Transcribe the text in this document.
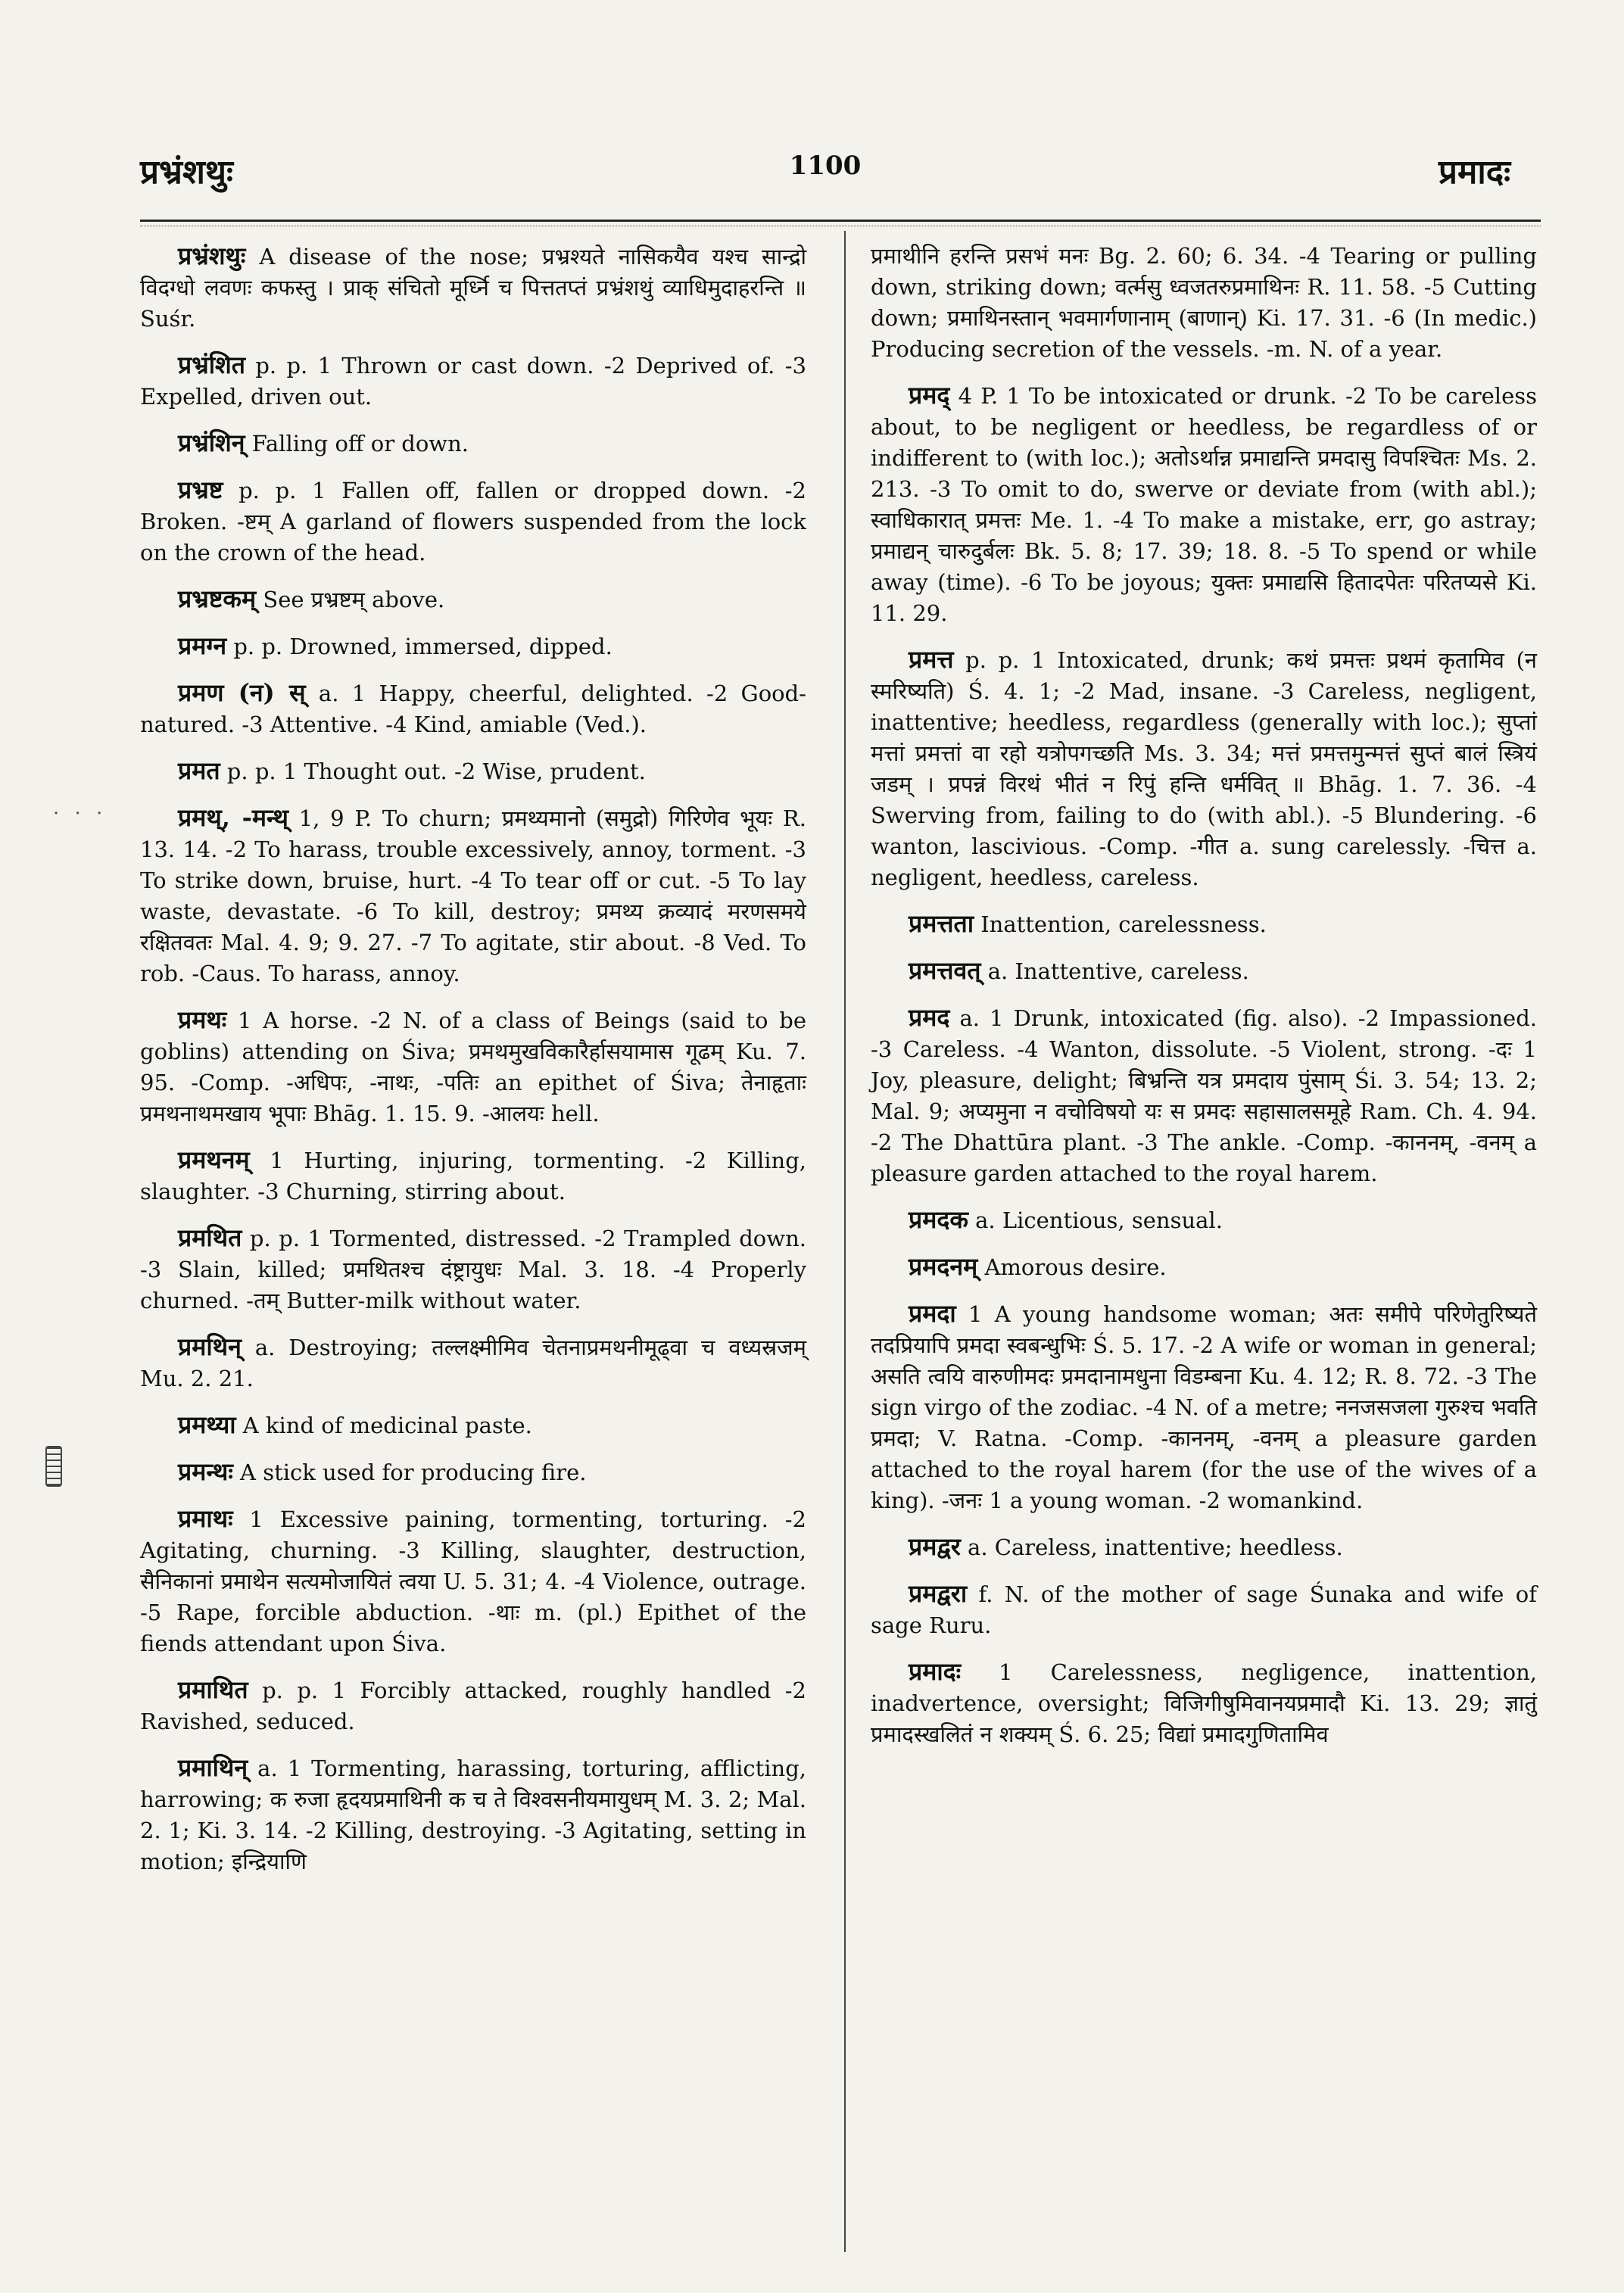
प्रभ्रंशथुः	1100	प्रमादः
· · ·
प्रभ्रंशथुः A disease of the nose; प्रभ्रश्यते नासिकयैव यश्च सान्द्रो विदग्धो लवणः कफस्तु । प्राक् संचितो मूर्ध्नि च पित्ततप्तं प्रभ्रंशथुं व्याधिमुदाहरन्ति ॥ Suśr.
प्रभ्रंशित p. p. 1 Thrown or cast down. -2 Deprived of. -3 Expelled, driven out.
प्रभ्रंशिन् Falling off or down.
प्रभ्रष्ट p. p. 1 Fallen off, fallen or dropped down. -2 Broken. -ष्टम् A garland of flowers suspended from the lock on the crown of the head.
प्रभ्रष्टकम् See प्रभ्रष्टम् above.
प्रमग्न p. p. Drowned, immersed, dipped.
प्रमण (न) स् a. 1 Happy, cheerful, delighted. -2 Good-natured. -3 Attentive. -4 Kind, amiable (Ved.).
प्रमत p. p. 1 Thought out. -2 Wise, prudent.
प्रमथ्, -मन्थ् 1, 9 P. To churn; प्रमथ्यमानो (समुद्रो) गिरिणेव भूयः R. 13. 14. -2 To harass, trouble excessively, annoy, torment. -3 To strike down, bruise, hurt. -4 To tear off or cut. -5 To lay waste, devastate. -6 To kill, destroy; प्रमथ्य क्रव्यादं मरणसमये रक्षितवतः Mal. 4. 9; 9. 27. -7 To agitate, stir about. -8 Ved. To rob. -Caus. To harass, annoy.
प्रमथः 1 A horse. -2 N. of a class of Beings (said to be goblins) attending on Śiva; प्रमथमुखविकारैर्हासयामास गूढम् Ku. 7. 95. -Comp. -अधिपः, -नाथः, -पतिः an epithet of Śiva; तेनाहृताः प्रमथनाथमखाय भूपाः Bhāg. 1. 15. 9. -आलयः hell.
प्रमथनम् 1 Hurting, injuring, tormenting. -2 Killing, slaughter. -3 Churning, stirring about.
प्रमथित p. p. 1 Tormented, distressed. -2 Trampled down. -3 Slain, killed; प्रमथितश्च दंष्ट्रायुधः Mal. 3. 18. -4 Properly churned. -तम् Butter-milk without water.
प्रमथिन् a. Destroying; तल्लक्ष्मीमिव चेतनाप्रमथनीमूढ्वा च वध्यस्रजम् Mu. 2. 21.
प्रमथ्या A kind of medicinal paste.
प्रमन्थः A stick used for producing fire.
प्रमाथः 1 Excessive paining, tormenting, torturing. -2 Agitating, churning. -3 Killing, slaughter, destruction, सैनिकानां प्रमाथेन सत्यमोजायितं त्वया U. 5. 31; 4. -4 Violence, outrage. -5 Rape, forcible abduction. -थाः m. (pl.) Epithet of the fiends attendant upon Śiva.
प्रमाथित p. p. 1 Forcibly attacked, roughly handled -2 Ravished, seduced.
प्रमाथिन् a. 1 Tormenting, harassing, torturing, afflicting, harrowing; क रुजा हृदयप्रमाथिनी क च ते विश्वसनीयमायुधम् M. 3. 2; Mal. 2. 1; Ki. 3. 14. -2 Killing, destroying. -3 Agitating, setting in motion; इन्द्रियाणि
प्रमाथीनि हरन्ति प्रसभं मनः Bg. 2. 60; 6. 34. -4 Tearing or pulling down, striking down; वर्त्मसु ध्वजतरुप्रमाथिनः R. 11. 58. -5 Cutting down; प्रमाथिनस्तान् भवमार्गणानाम् (बाणान्) Ki. 17. 31. -6 (In medic.) Producing secretion of the vessels. -m. N. of a year.
प्रमद् 4 P. 1 To be intoxicated or drunk. -2 To be careless about, to be negligent or heedless, be regardless of or indifferent to (with loc.); अतोऽर्थान्न प्रमाद्यन्ति प्रमदासु विपश्चितः Ms. 2. 213. -3 To omit to do, swerve or deviate from (with abl.); स्वाधिकारात् प्रमत्तः Me. 1. -4 To make a mistake, err, go astray; प्रमाद्यन् चारुदुर्बलः Bk. 5. 8; 17. 39; 18. 8. -5 To spend or while away (time). -6 To be joyous; युक्तः प्रमाद्यसि हितादपेतः परितप्यसे Ki. 11. 29.
प्रमत्त p. p. 1 Intoxicated, drunk; कथं प्रमत्तः प्रथमं कृतामिव (न स्मरिष्यति) Ś. 4. 1; -2 Mad, insane. -3 Careless, negligent, inattentive; heedless, regardless (generally with loc.); सुप्तां मत्तां प्रमत्तां वा रहो यत्रोपगच्छति Ms. 3. 34; मत्तं प्रमत्तमुन्मत्तं सुप्तं बालं स्त्रियं जडम् । प्रपन्नं विरथं भीतं न रिपुं हन्ति धर्मवित् ॥ Bhāg. 1. 7. 36. -4 Swerving from, failing to do (with abl.). -5 Blundering. -6 wanton, lascivious. -Comp. -गीत a. sung carelessly. -चित्त a. negligent, heedless, careless.
प्रमत्तता Inattention, carelessness.
प्रमत्तवत् a. Inattentive, careless.
प्रमद a. 1 Drunk, intoxicated (fig. also). -2 Impassioned. -3 Careless. -4 Wanton, dissolute. -5 Violent, strong. -दः 1 Joy, pleasure, delight; बिभ्रन्ति यत्र प्रमदाय पुंसाम् Śi. 3. 54; 13. 2; Mal. 9; अप्यमुना न वचोविषयो यः स प्रमदः सहासालसमूहे Ram. Ch. 4. 94. -2 The Dhattūra plant. -3 The ankle. -Comp. -काननम्, -वनम् a pleasure garden attached to the royal harem.
प्रमदक a. Licentious, sensual.
प्रमदनम् Amorous desire.
प्रमदा 1 A young handsome woman; अतः समीपे परिणेतुरिष्यते तदप्रियापि प्रमदा स्वबन्धुभिः Ś. 5. 17. -2 A wife or woman in general; असति त्वयि वारुणीमदः प्रमदानामधुना विडम्बना Ku. 4. 12; R. 8. 72. -3 The sign virgo of the zodiac. -4 N. of a metre; ननजसजला गुरुश्च भवति प्रमदा; V. Ratna. -Comp. -काननम्, -वनम् a pleasure garden attached to the royal harem (for the use of the wives of a king). -जनः 1 a young woman. -2 womankind.
प्रमद्वर a. Careless, inattentive; heedless.
प्रमद्वरा f. N. of the mother of sage Śunaka and wife of sage Ruru.
प्रमादः 1 Carelessness, negligence, inattention, inadvertence, oversight; विजिगीषुमिवानयप्रमादौ Ki. 13. 29; ज्ञातुं प्रमादस्खलितं न शक्यम् Ś. 6. 25; विद्यां प्रमादगुणितामिव
